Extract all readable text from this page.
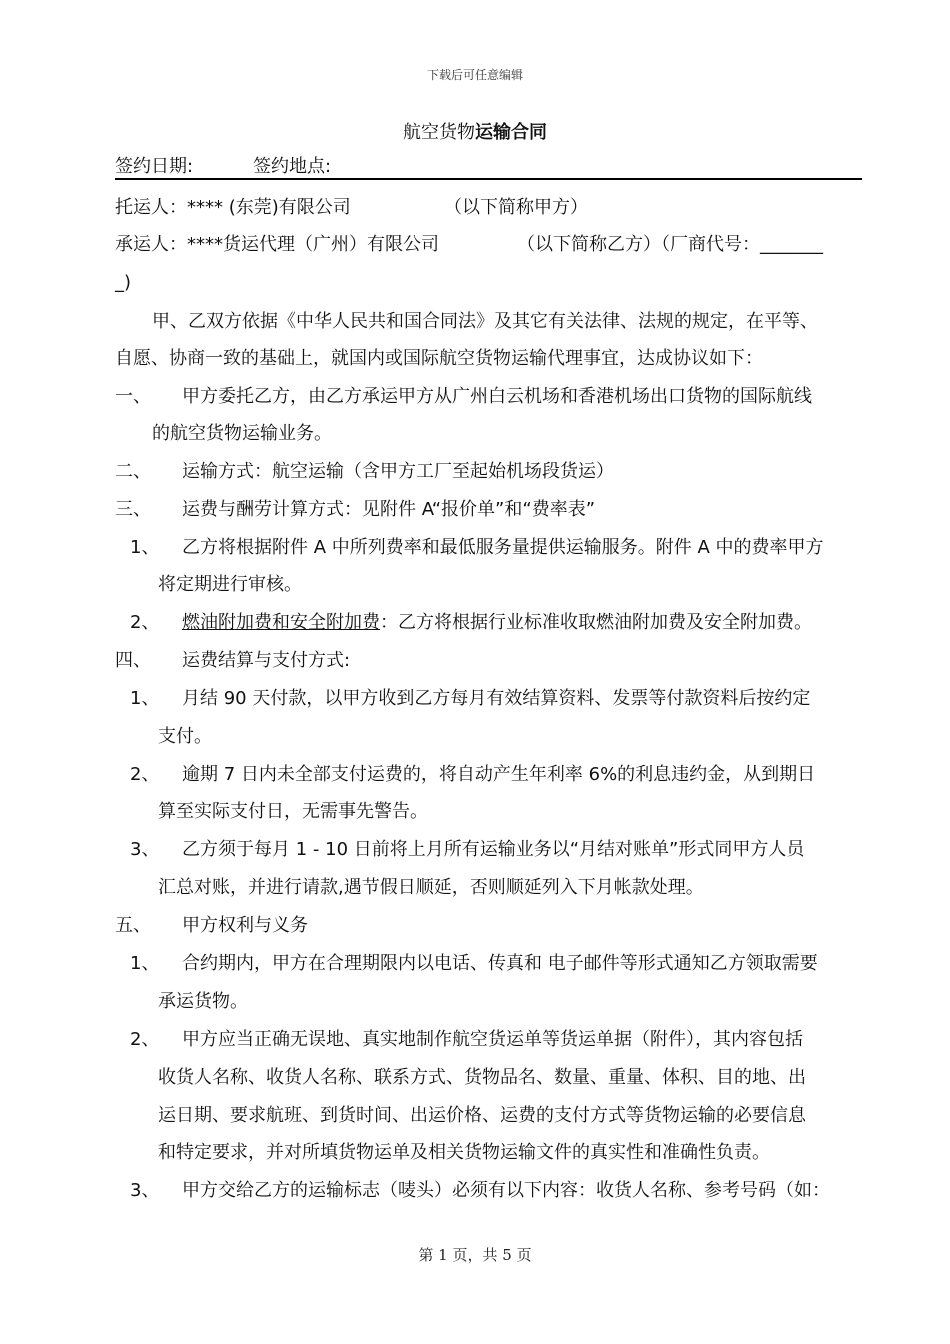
下载后可任意编辑
航空货物运输合同
签约日期:	签约地点:
托运人：**** (东莞)有限公司	（以下简称甲方）
承运人：****货运代理（广州）有限公司	（以下简称乙方）（厂商代号：_______
_)
甲、乙双方依据《中华人民共和国合同法》及其它有关法律、法规的规定，在平等、
自愿、协商一致的基础上，就国内或国际航空货物运输代理事宜，达成协议如下：
一、 甲方委托乙方，由乙方承运甲方从广州白云机场和香港机场出口货物的国际航线
的航空货物运输业务。
二、 运输方式：航空运输（含甲方工厂至起始机场段货运）
三、 运费与酬劳计算方式：见附件 A“报价单”和“费率表”
1、 乙方将根据附件 A 中所列费率和最低服务量提供运输服务。附件 A 中的费率甲方
将定期进行审核。
2、 燃油附加费和安全附加费：乙方将根据行业标准收取燃油附加费及安全附加费。
四、 运费结算与支付方式:
1、 月结 90 天付款，以甲方收到乙方每月有效结算资料、发票等付款资料后按约定
支付。
2、 逾期 7 日内未全部支付运费的，将自动产生年利率 6%的利息违约金，从到期日
算至实际支付日，无需事先警告。
3、 乙方须于每月 1 - 10 日前将上月所有运输业务以“月结对账单”形式同甲方人员
汇总对账，并进行请款,遇节假日顺延，否则顺延列入下月帐款处理。
五、 甲方权利与义务
1、 合约期内，甲方在合理期限内以电话、传真和 电子邮件等形式通知乙方领取需要
承运货物。
2、 甲方应当正确无误地、真实地制作航空货运单等货运单据（附件），其内容包括
收货人名称、收货人名称、联系方式、货物品名、数量、重量、体积、目的地、出
运日期、要求航班、到货时间、出运价格、运费的支付方式等货物运输的必要信息
和特定要求，并对所填货物运单及相关货物运输文件的真实性和准确性负责。
3、 甲方交给乙方的运输标志（唛头）必须有以下内容：收货人名称、参考号码（如：
第 1 页，共 5 页
